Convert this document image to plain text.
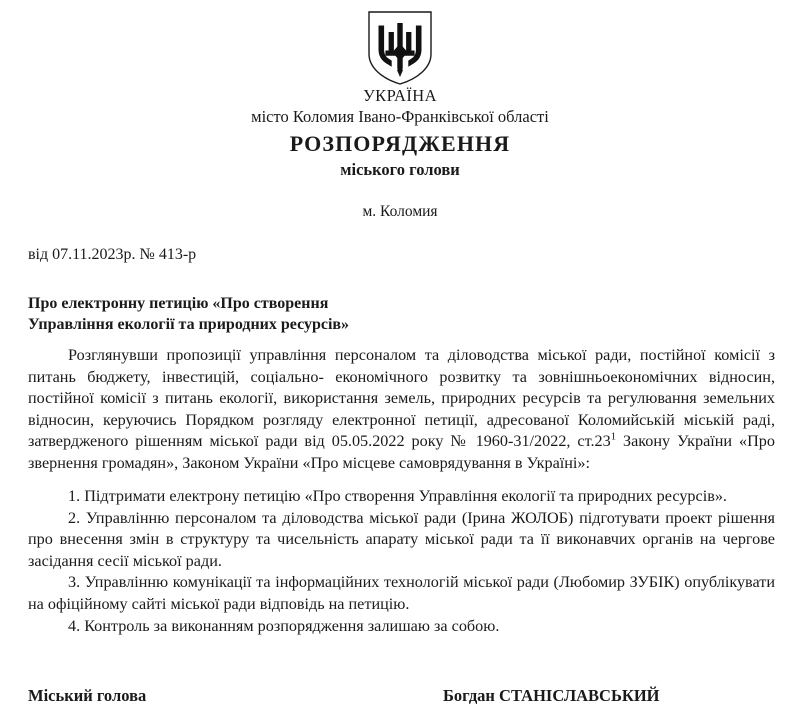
УКРАЇНА
місто Коломия Івано-Франківської області
РОЗПОРЯДЖЕННЯ
міського голови
м. Коломия
від 07.11.2023р. № 413-р
Про електронну петицію «Про створення
Управління екології та природних ресурсів»

Розглянувши пропозиції управління персоналом та діловодства міської ради, постійної комісії з питань бюджету, інвестицій, соціально- економічного розвитку та зовнішньоекономічних відносин, постійної комісії з питань екології, використання земель, природних ресурсів та регулювання земельних відносин, керуючись Порядком розгляду електронної петиції, адресованої Коломийській міській раді, затвердженого рішенням міської ради від 05.05.2022 року № 1960-31/2022, $ст.23^1$ Закону України «Про звернення громадян», Законом України «Про місцеве самоврядування в Україні»:

1. Підтримати електрону петицію «Про створення Управління екології та природних ресурсів».

2. Управлінню персоналом та діловодства міської ради (Ірина ЖОЛОБ) підготувати проект рішення про внесення змін в структуру та чисельність апарату міської ради та її виконавчих органів на чергове засідання сесії міської ради.

3. Управлінню комунікації та інформаційних технологій міської ради (Любомир ЗУБІК) опублікувати на офіційному сайті міської ради відповідь на петицію.

4. Контроль за виконанням розпорядження залишаю за собою.

Міський голова	Богдан СТАНІСЛАВСЬКИЙ
